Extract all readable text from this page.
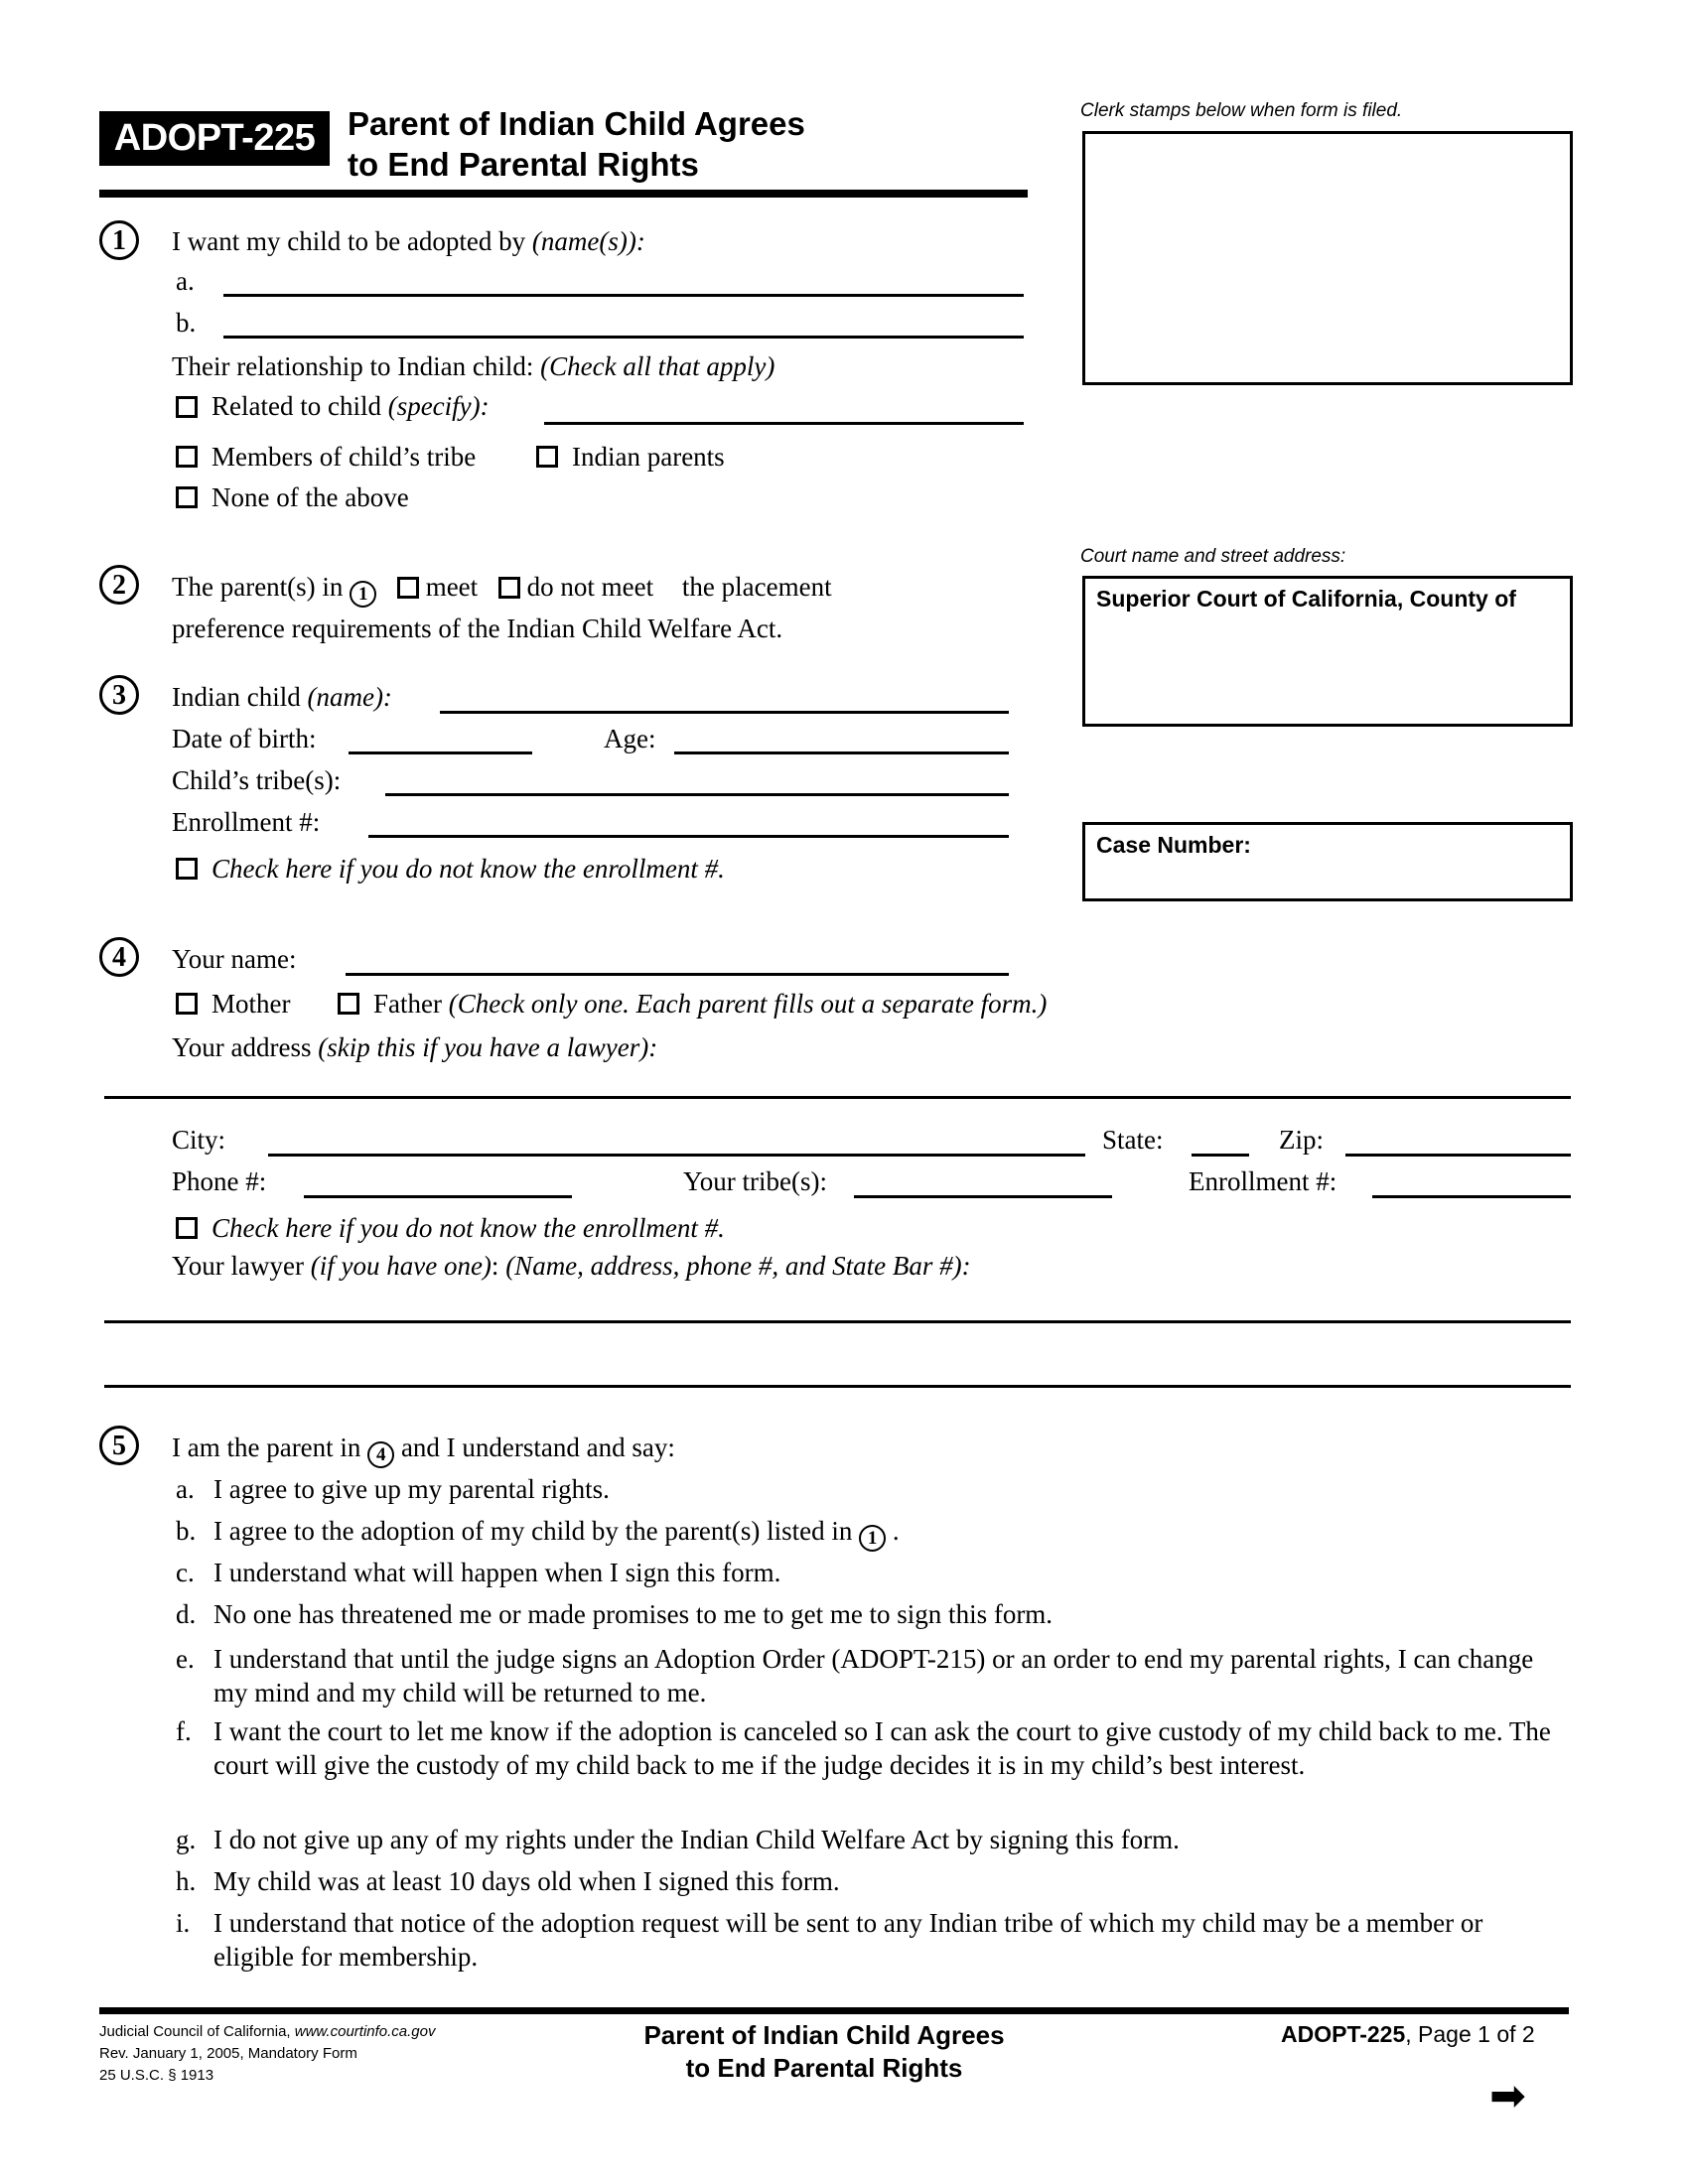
ADOPT-225 Parent of Indian Child Agrees
to End Parental Rights
Clerk stamps below when form is filed.
Court name and street address:
Superior Court of California, County of
Case Number:
1	I want my child to be adopted by (name(s)):
a.
b.
Their relationship to Indian child: (Check all that apply)
Related to child (specify):
Members of child’s tribe	Indian parents
None of the above
2	The parent(s) in 1 meet do not meet the placement
preference requirements of the Indian Child Welfare Act.
3	Indian child (name):
Date of birth:	Age:
Child’s tribe(s):
Enrollment #:
Check here if you do not know the enrollment #.
4	Your name:
Mother	Father (Check only one. Each parent fills out a separate form.)
Your address (skip this if you have a lawyer):
City:	State:	Zip:
Phone #:	Your tribe(s):	Enrollment #:
Check here if you do not know the enrollment #.
Your lawyer (if you have one): (Name, address, phone #, and State Bar #):
5	I am the parent in 4 and I understand and say:
a. I agree to give up my parental rights.
b. I agree to the adoption of my child by the parent(s) listed in 1 .
c. I understand what will happen when I sign this form.
d. No one has threatened me or made promises to me to get me to sign this form.
e. I understand that until the judge signs an Adoption Order (ADOPT-215) or an order to end my parental rights, I can change my mind and my child will be returned to me.
f. I want the court to let me know if the adoption is canceled so I can ask the court to give custody of my child back to me. The court will give the custody of my child back to me if the judge decides it is in my child’s best interest.
g. I do not give up any of my rights under the Indian Child Welfare Act by signing this form.
h. My child was at least 10 days old when I signed this form.
i. I understand that notice of the adoption request will be sent to any Indian tribe of which my child may be a member or eligible for membership.
Judicial Council of California, www.courtinfo.ca.gov
Rev. January 1, 2005, Mandatory Form
25 U.S.C. § 1913
Parent of Indian Child Agrees
to End Parental Rights
ADOPT-225, Page 1 of 2
➡
